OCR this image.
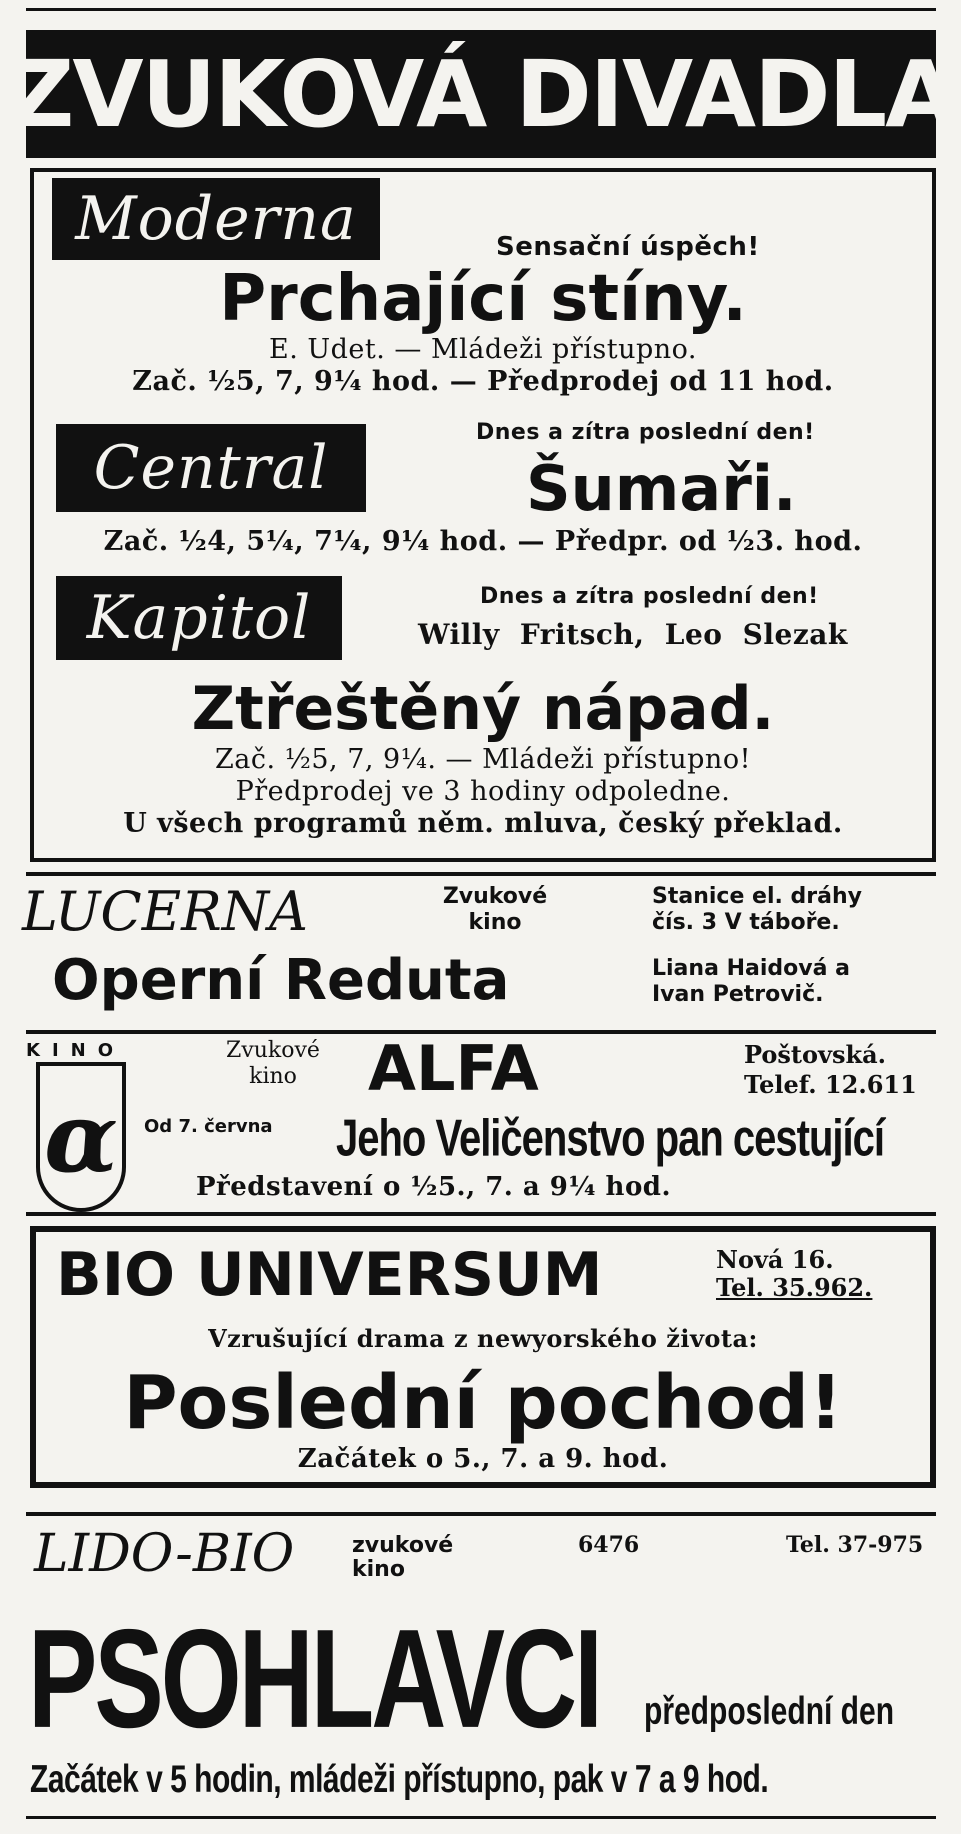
ZVUKOVÁ DIVADLA
Moderna	Sensační úspěch!
Prchající stíny.
E. Udet. — Mládeži přístupno.
Zač. ½5, 7, 9¼ hod. — Předprodej od 11 hod.
Central
Dnes a zítra poslední den!
Šumaři.
Zač. ½4, 5¼, 7¼, 9¼ hod. — Předpr. od ½3. hod.
Kapitol	Dnes a zítra poslední den!
Willy Fritsch, Leo Slezak
Ztřeštěný nápad.
Zač. ½5, 7, 9¼. — Mládeži přístupno!
Předprodej ve 3 hodiny odpoledne.
U všech programů něm. mluva, český překlad.
LUCERNA	Zvukové
kino
Stanice el. dráhy
čís. 3 V táboře.
Operní Reduta	Liana Haidová a
Ivan Petrovič.
KINO
α
Zvukové
kino	ALFA	Poštovská.
Telef. 12.611
Od 7. června Jeho Veličenstvo pan cestující
Představení o ½5., 7. a 9¼ hod.
BIO UNIVERSUM	Nová 16.
Tel. 35.962.
Vzrušující drama z newyorského života:
Poslední pochod!
Začátek o 5., 7. a 9. hod.
LIDO-BIO	zvukové
kino
6476	Tel. 37-975
PSOHLAVCI předposlední den
Začátek v 5 hodin, mládeži přístupno, pak v 7 a 9 hod.
